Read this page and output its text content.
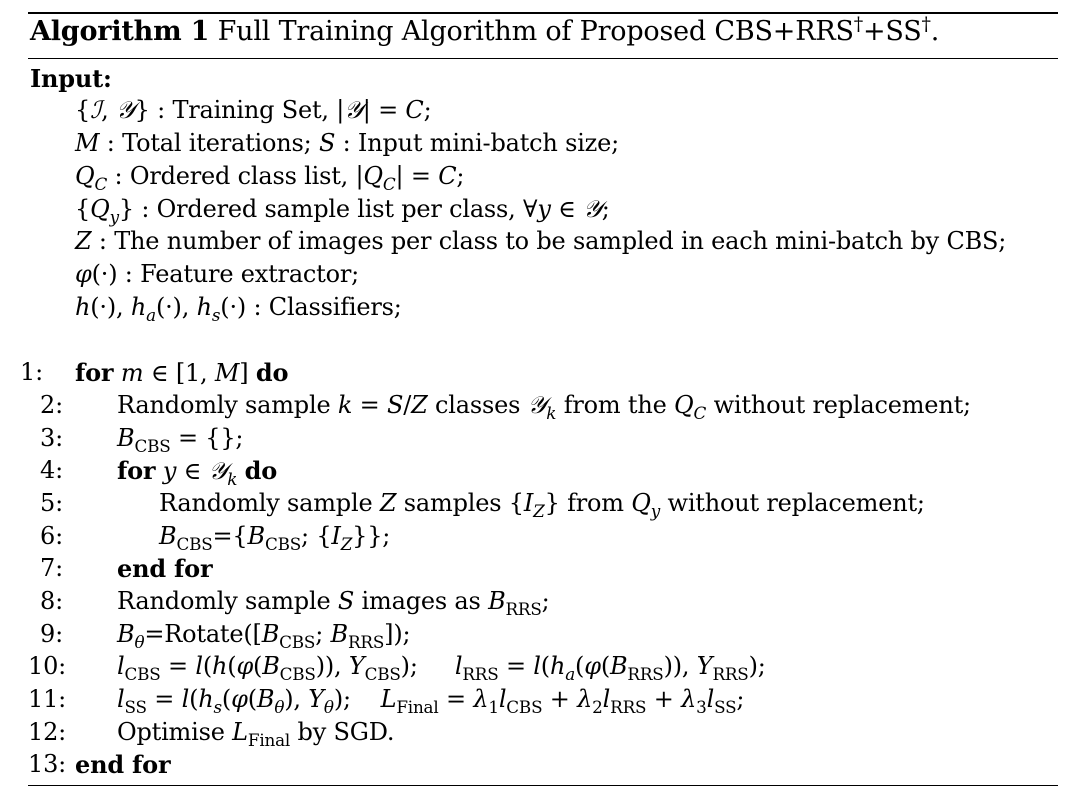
Algorithm 1 Full Training Algorithm of Proposed CBS+RRS†+SS†.
Input:
{ℐ, 𝒴} : Training Set, |𝒴| = C;
M : Total iterations; S : Input mini-batch size;
$Q_C$ : Ordered class list, $|Q_C| = C$;
$\{Q_y\}$ : Ordered sample list per class, ∀y ∈ 𝒴;
Z : The number of images per class to be sampled in each mini-batch by CBS;
φ(·) : Feature extractor;
h(·), $h_a(\cdot)$, $h_s(\cdot)$ : Classifiers;
1: for m ∈ [1, M] do
2: Randomly sample k = S/Z classes 𝒴$_k$ from the $Q_C$ without replacement;
3: $B_{CBS}$ = {};
4: for y ∈ 𝒴$_k$ do
5:	Randomly sample Z samples $\{I_Z\}$ from $Q_y$ without replacement;
6:	$B_{CBS}=\{B_{CBS}$; $\{I_Z\}$};
7: end for
8: Randomly sample S images as $B_{RRS}$;
9: $B_\theta=Rotate([B_{CBS}$; $B_{RRS}$]);
10: $l_{CBS} = l(h(\varphi(B_{CBS}))$, $Y_{CBS}$);     $l_{RRS} = l(h_a(\varphi(B_{RRS}))$, $Y_{RRS}$);
11: $l_{SS} = l(h_s(\varphi(B_\theta)$, $Y_\theta$);    $L_{Final} = \lambda_1l_{CBS} + \lambda_2l_{RRS} + \lambda_3l_{SS}$;
12: Optimise $L_{Final}$ by SGD.
13: end for
